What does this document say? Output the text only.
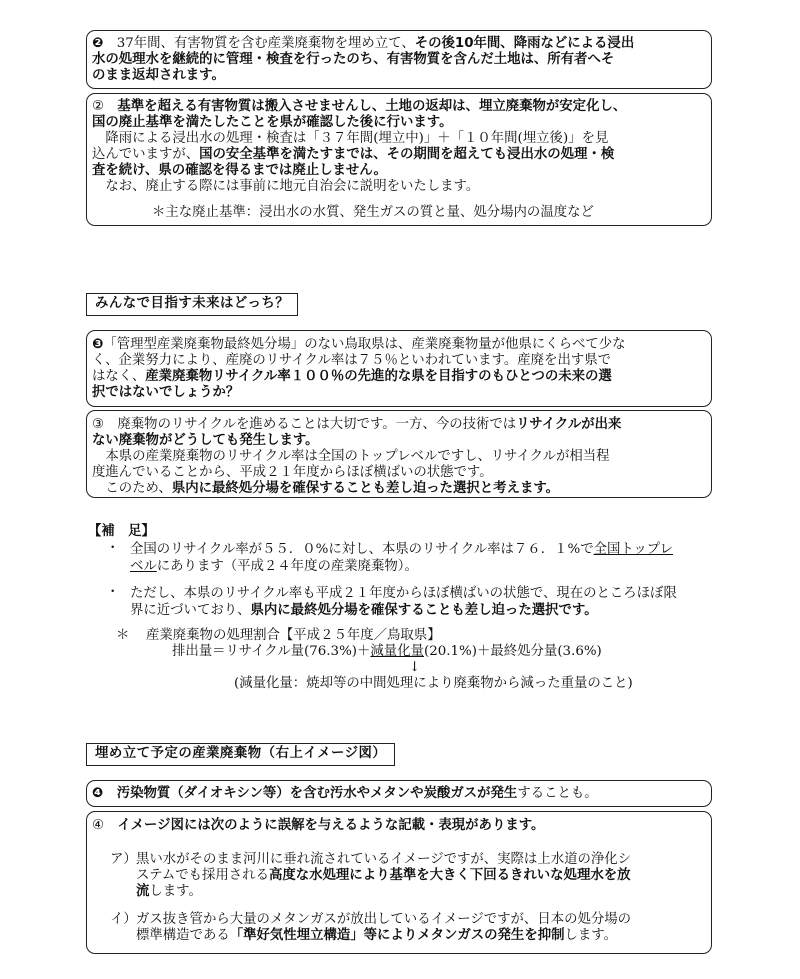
❷　37年間、有害物質を含む産業廃棄物を埋め立て、その後10年間、降雨などによる浸出
水の処理水を継続的に管理・検査を行ったのち、有害物質を含んだ土地は、所有者へそ
のまま返却されます。
②　基準を超える有害物質は搬入させませんし、土地の返却は、埋立廃棄物が安定化し、
国の廃止基準を満たしたことを県が確認した後に行います。
　降雨による浸出水の処理・検査は「３７年間(埋立中)」＋「１０年間(埋立後)」を見
込んでいますが、国の安全基準を満たすまでは、その期間を超えても浸出水の処理・検
査を続け、県の確認を得るまでは廃止しません。
　なお、廃止する際には事前に地元自治会に説明をいたします。
＊主な廃止基準：浸出水の水質、発生ガスの質と量、処分場内の温度など
みんなで目指す未来はどっち？
❸「管理型産業廃棄物最終処分場」のない鳥取県は、産業廃棄物量が他県にくらべて少な
く、企業努力により、産廃のリサイクル率は７５％といわれています。産廃を出す県で
はなく、産業廃棄物リサイクル率１００％の先進的な県を目指すのもひとつの未来の選
択ではないでしょうか？
③　廃棄物のリサイクルを進めることは大切です。一方、今の技術ではリサイクルが出来
ない廃棄物がどうしても発生します。
　本県の産業廃棄物のリサイクル率は全国のトップレベルですし、リサイクルが相当程
度進んでいることから、平成２１年度からほぼ横ばいの状態です。
　このため、県内に最終処分場を確保することも差し迫った選択と考えます。
【補　足】
・ 全国のリサイクル率が５５．０%に対し、本県のリサイクル率は７６．１%で全国トップレ
ベルにあります（平成２４年度の産業廃棄物）。
・ ただし、本県のリサイクル率も平成２１年度からほぼ横ばいの状態で、現在のところほぼ限
界に近づいており、県内に最終処分場を確保することも差し迫った選択です。
＊ 産業廃棄物の処理割合【平成２５年度／鳥取県】
排出量＝リサイクル量(76.3%)＋減量化量(20.1%)＋最終処分量(3.6%)
↓
(減量化量：焼却等の中間処理により廃棄物から減った重量のこと)
埋め立て予定の産業廃棄物（右上イメージ図）
❹　 汚染物質（ダイオキシン等）を含む汚水やメタンや炭酸ガスが発生することも。
④　 イメージ図には次のように誤解を与えるような記載・表現があります。
ア） 黒い水がそのまま河川に垂れ流されているイメージですが、実際は上水道の浄化シ
ステムでも採用される高度な水処理により基準を大きく下回るきれいな処理水を放
流します。
イ） ガス抜き管から大量のメタンガスが放出しているイメージですが、日本の処分場の
標準構造である「準好気性埋立構造」等によりメタンガスの発生を抑制します。
